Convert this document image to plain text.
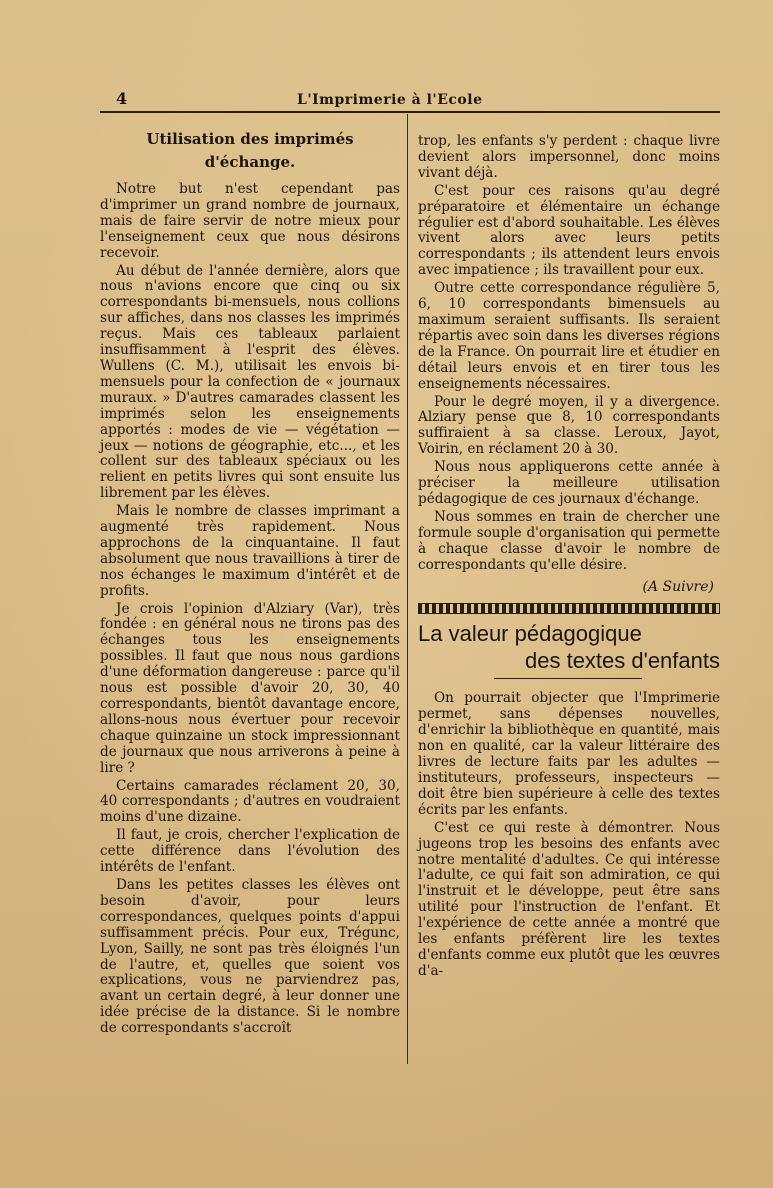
4	L'Imprimerie à l'Ecole
Utilisation des imprimés d'échange.

Notre but n'est cependant pas d'imprimer un grand nombre de journaux, mais de faire servir de notre mieux pour l'enseignement ceux que nous désirons recevoir.

Au début de l'année dernière, alors que nous n'avions encore que cinq ou six correspondants bi-mensuels, nous collions sur affiches, dans nos classes les imprimés reçus. Mais ces tableaux parlaient insuffisamment à l'esprit des élèves. Wullens (C. M.), utilisait les envois bi-mensuels pour la confection de « journaux muraux. » D'autres camarades classent les imprimés selon les enseignements apportés : modes de vie — végétation — jeux — notions de géographie, etc..., et les collent sur des tableaux spéciaux ou les relient en petits livres qui sont ensuite lus librement par les élèves.

Mais le nombre de classes imprimant a augmenté très rapidement. Nous approchons de la cinquantaine. Il faut absolument que nous travaillions à tirer de nos échanges le maximum d'intérêt et de profits.

Je crois l'opinion d'Alziary (Var), très fondée : en général nous ne tirons pas des échanges tous les enseignements possibles. Il faut que nous nous gardions d'une déformation dangereuse : parce qu'il nous est possible d'avoir 20, 30, 40 correspondants, bientôt davantage encore, allons-nous nous évertuer pour recevoir chaque quinzaine un stock impressionnant de journaux que nous arriverons à peine à lire ?

Certains camarades réclament 20, 30, 40 correspondants ; d'autres en voudraient moins d'une dizaine.

Il faut, je crois, chercher l'explication de cette différence dans l'évolution des intérêts de l'enfant.

Dans les petites classes les élèves ont besoin d'avoir, pour leurs correspondances, quelques points d'appui suffisamment précis. Pour eux, Trégunc, Lyon, Sailly, ne sont pas très éloignés l'un de l'autre, et, quelles que soient vos explications, vous ne parviendrez pas, avant un certain degré, à leur donner une idée précise de la distance. Si le nombre de correspondants s'accroît

trop, les enfants s'y perdent : chaque livre devient alors impersonnel, donc moins vivant déjà.

C'est pour ces raisons qu'au degré préparatoire et élémentaire un échange régulier est d'abord souhaitable. Les élèves vivent alors avec leurs petits correspondants ; ils attendent leurs envois avec impatience ; ils travaillent pour eux.

Outre cette correspondance régulière 5, 6, 10 correspondants bimensuels au maximum seraient suffisants. Ils seraient répartis avec soin dans les diverses régions de la France. On pourrait lire et étudier en détail leurs envois et en tirer tous les enseignements nécessaires.

Pour le degré moyen, il y a divergence. Alziary pense que 8, 10 correspondants suffiraient à sa classe. Leroux, Jayot, Voirin, en réclament 20 à 30.

Nous nous appliquerons cette année à préciser la meilleure utilisation pédagogique de ces journaux d'échange.

Nous sommes en train de chercher une formule souple d'organisation qui permette à chaque classe d'avoir le nombre de correspondants qu'elle désire.

(A Suivre)
La valeur pédagogique
des textes d'enfants

On pourrait objecter que l'Imprimerie permet, sans dépenses nouvelles, d'enrichir la bibliothèque en quantité, mais non en qualité, car la valeur littéraire des livres de lecture faits par les adultes — instituteurs, professeurs, inspecteurs — doit être bien supérieure à celle des textes écrits par les enfants.

C'est ce qui reste à démontrer. Nous jugeons trop les besoins des enfants avec notre mentalité d'adultes. Ce qui intéresse l'adulte, ce qui fait son admiration, ce qui l'instruit et le développe, peut être sans utilité pour l'instruction de l'enfant. Et l'expérience de cette année a montré que les enfants préfèrent lire les textes d'enfants comme eux plutôt que les œuvres d'a-
